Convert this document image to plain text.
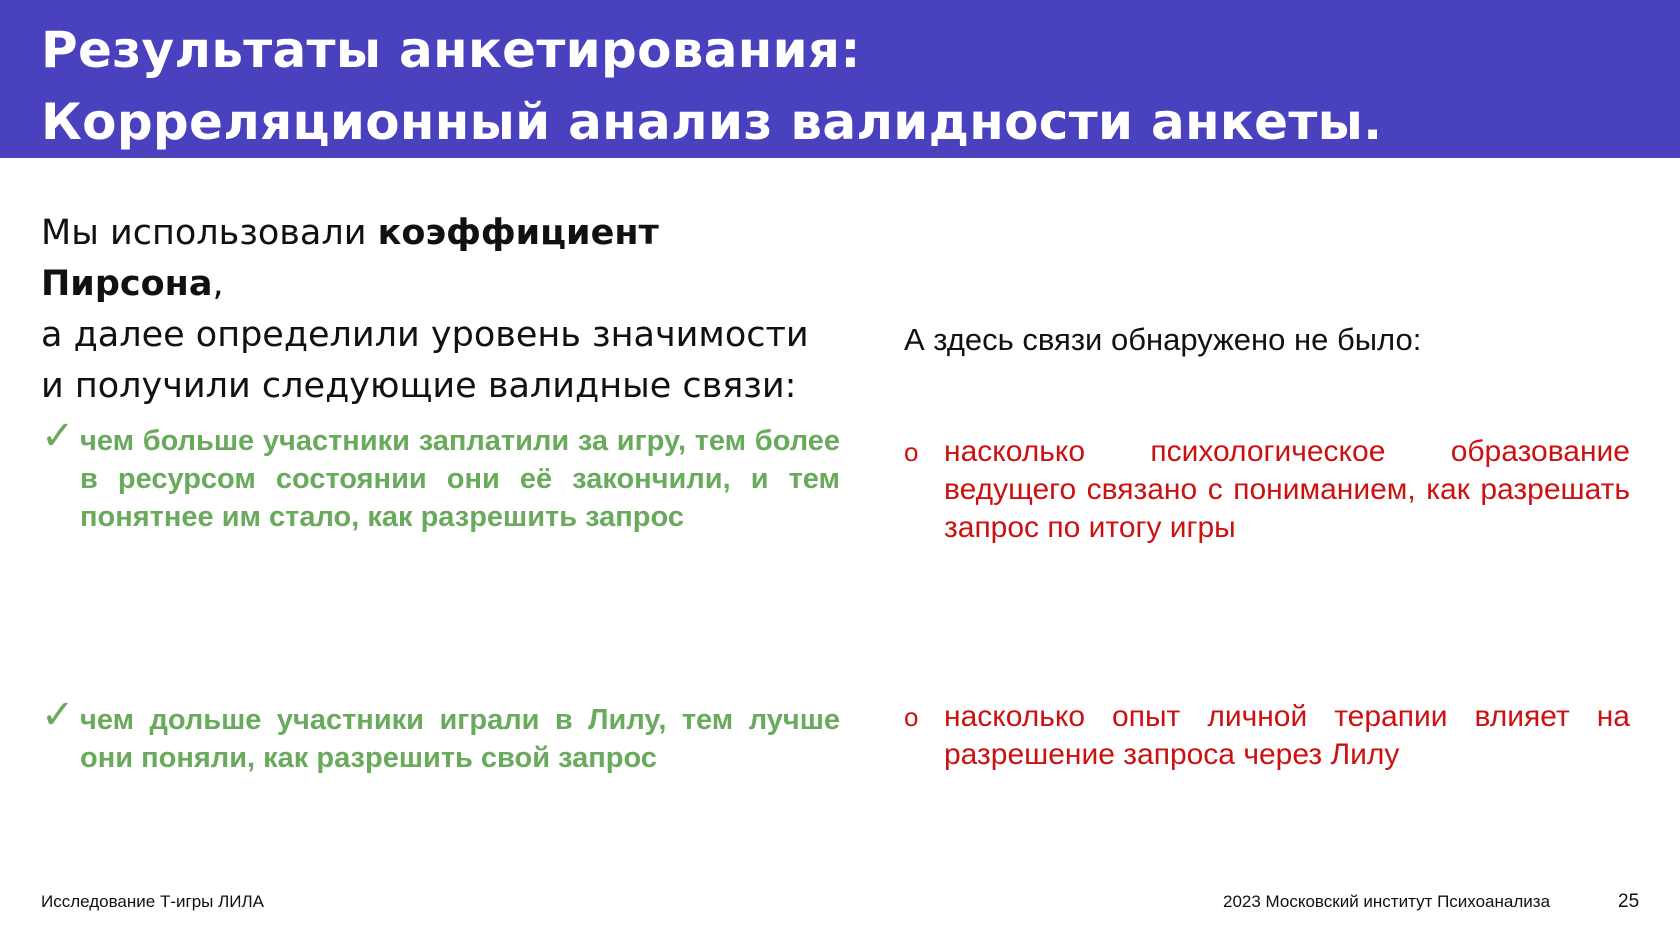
Результаты анкетирования:
Корреляционный анализ валидности анкеты.
Мы использовали коэффициент Пирсона,
а далее определили уровень значимости
и получили следующие валидные связи:
✓ чем больше участники заплатили за игру, тем более в ресурсом состоянии они её закончили, и тем понятнее им стало, как разрешить запрос
✓ чем дольше участники играли в Лилу, тем лучше они поняли, как разрешить свой запрос
А здесь связи обнаружено не было:
o насколько психологическое образование ведущего связано с пониманием, как разрешать запрос по итогу игры
o насколько опыт личной терапии влияет на разрешение запроса через Лилу
Исследование Т-игры ЛИЛА	2023 Московский институт Психоанализа	25
